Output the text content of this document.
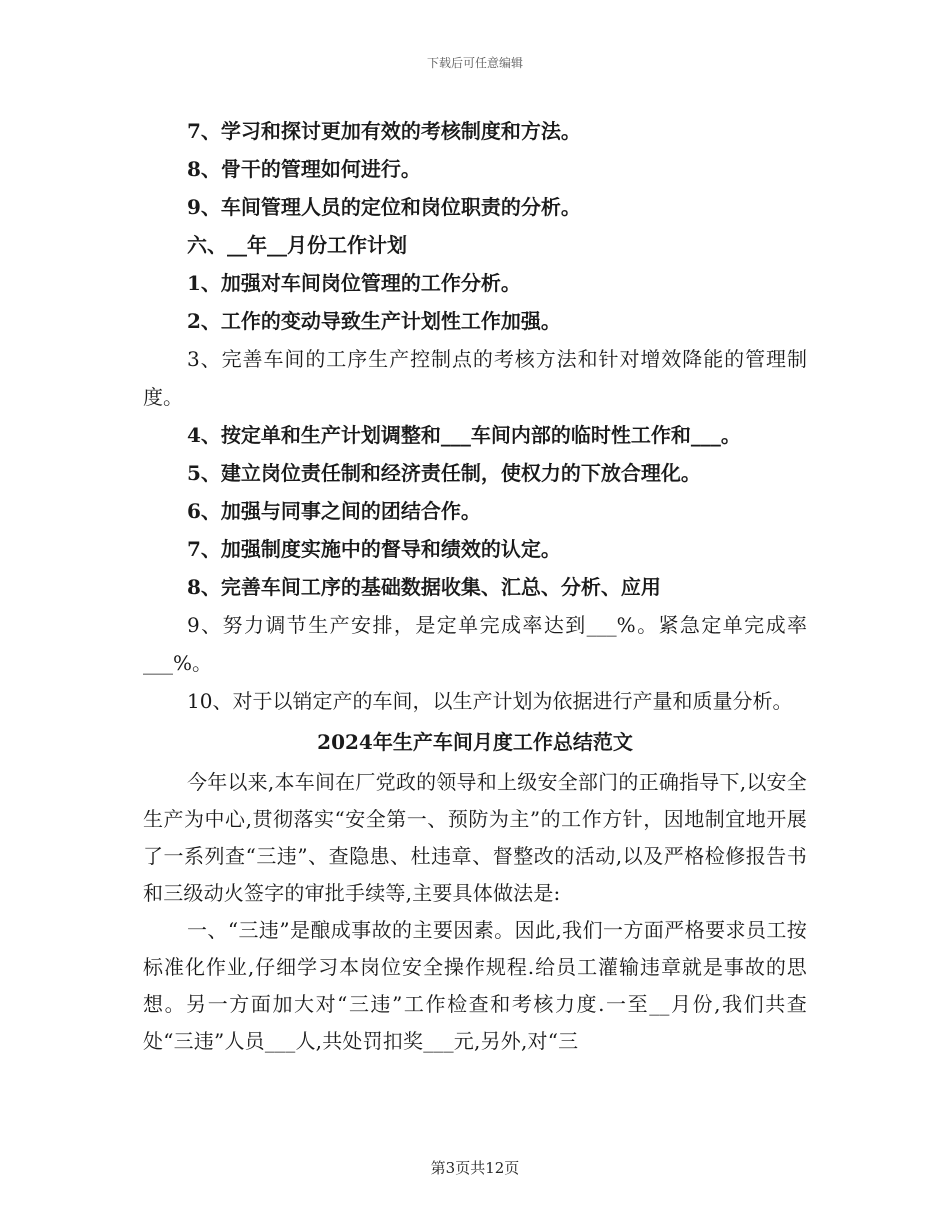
下载后可任意编辑

7、学习和探讨更加有效的考核制度和方法。

8、骨干的管理如何进行。

9、车间管理人员的定位和岗位职责的分析。

六、__年__月份工作计划

1、加强对车间岗位管理的工作分析。

2、工作的变动导致生产计划性工作加强。

3、完善车间的工序生产控制点的考核方法和针对增效降能的管理制度。

4、按定单和生产计划调整和___车间内部的临时性工作和___。

5、建立岗位责任制和经济责任制，使权力的下放合理化。

6、加强与同事之间的团结合作。

7、加强制度实施中的督导和绩效的认定。

8、完善车间工序的基础数据收集、汇总、分析、应用

9、努力调节生产安排，是定单完成率达到___%。紧急定单完成率___%。

10、对于以销定产的车间，以生产计划为依据进行产量和质量分析。

2024年生产车间月度工作总结范文

今年以来,本车间在厂党政的领导和上级安全部门的正确指导下,以安全生产为中心,贯彻落实“安全第一、预防为主”的工作方针，因地制宜地开展了一系列查“三违”、查隐患、杜违章、督整改的活动,以及严格检修报告书和三级动火签字的审批手续等,主要具体做法是:

一、“三违”是酿成事故的主要因素。因此,我们一方面严格要求员工按标准化作业,仔细学习本岗位安全操作规程.给员工灌输违章就是事故的思想。另一方面加大对“三违”工作检查和考核力度.一至__月份,我们共查处“三违”人员___人,共处罚扣奖___元,另外,对“三

第3页共12页
